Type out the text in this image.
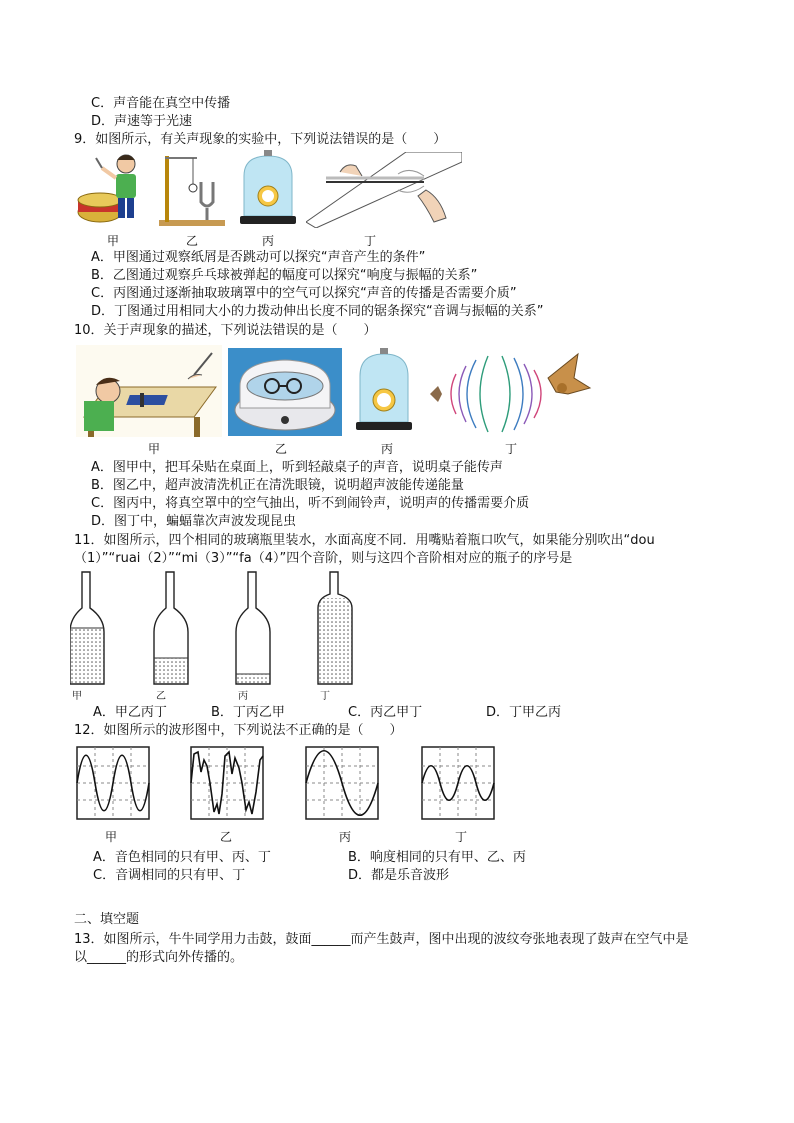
C．声音能在真空中传播
D．声速等于光速
9．如图所示，有关声现象的实验中，下列说法错误的是（　　）
甲	乙	丙	丁
A．甲图通过观察纸屑是否跳动可以探究“声音产生的条件”
B．乙图通过观察乒乓球被弹起的幅度可以探究“响度与振幅的关系”
C．丙图通过逐渐抽取玻璃罩中的空气可以探究“声音的传播是否需要介质”
D．丁图通过用相同大小的力拨动伸出长度不同的锯条探究“音调与振幅的关系”
10．关于声现象的描述，下列说法错误的是（　　）
甲	乙	丙	丁
A．图甲中，把耳朵贴在桌面上，听到轻敲桌子的声音，说明桌子能传声
B．图乙中，超声波清洗机正在清洗眼镜，说明超声波能传递能量
C．图丙中，将真空罩中的空气抽出，听不到闹铃声，说明声的传播需要介质
D．图丁中，蝙蝠靠次声波发现昆虫
11．如图所示，四个相同的玻璃瓶里装水，水面高度不同．用嘴贴着瓶口吹气，如果能分别吹出“dou
（1）”“ruai（2）”“mi（3）”“fa（4）”四个音阶，则与这四个音阶相对应的瓶子的序号是
甲	乙	丙	丁
A．甲乙丙丁	B．丁丙乙甲	C．丙乙甲丁	D．丁甲乙丙
12．如图所示的波形图中，下列说法不正确的是（　　）
甲	乙	丙	丁
A．音色相同的只有甲、丙、丁	B．响度相同的只有甲、乙、丙
C．音调相同的只有甲、丁	D．都是乐音波形
二、填空题
13．如图所示，牛牛同学用力击鼓，鼓面______而产生鼓声，图中出现的波纹夸张地表现了鼓声在空气中是
以______的形式向外传播的。
